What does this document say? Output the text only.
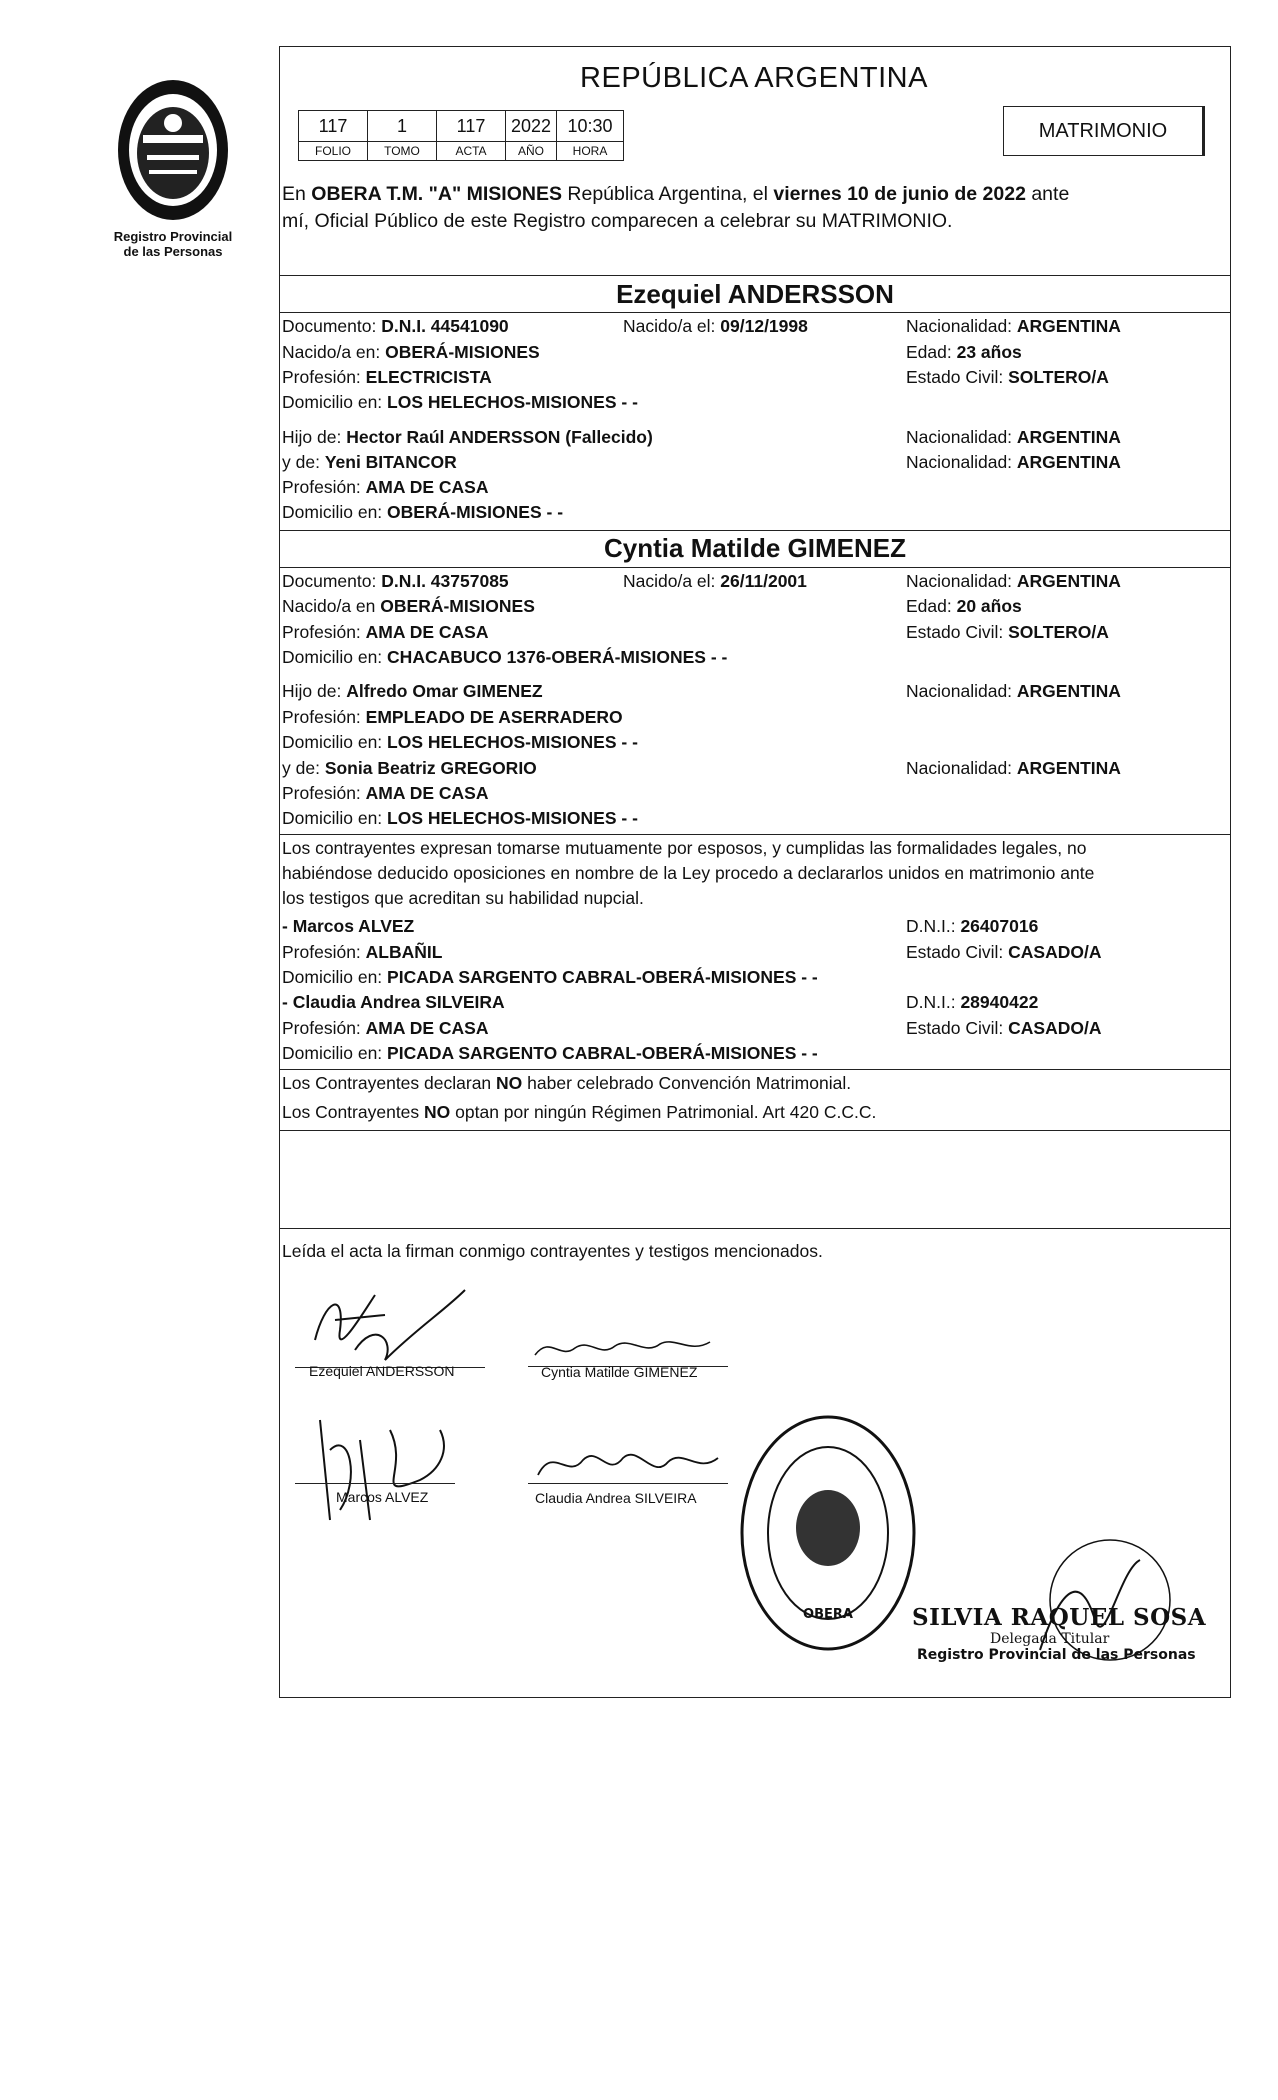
Registro Provincial
de las Personas
REPÚBLICA ARGENTINA
117	1	117	2022	10:30
FOLIO	TOMO	ACTA	AÑO	HORA
MATRIMONIO
En OBERA T.M. "A" MISIONES República Argentina, el viernes 10 de junio de 2022 ante
mí, Oficial Público de este Registro comparecen a celebrar su MATRIMONIO.
Ezequiel ANDERSSON
Documento: D.N.I. 44541090	Nacido/a el: 09/12/1998	Nacionalidad: ARGENTINA
Nacido/a en: OBERÁ-MISIONES	Edad: 23 años
Profesión: ELECTRICISTA	Estado Civil: SOLTERO/A
Domicilio en: LOS HELECHOS-MISIONES - -
Hijo de: Hector Raúl ANDERSSON (Fallecido)	Nacionalidad: ARGENTINA
y de: Yeni BITANCOR	Nacionalidad: ARGENTINA
Profesión: AMA DE CASA
Domicilio en: OBERÁ-MISIONES - -
Cyntia Matilde GIMENEZ
Documento: D.N.I. 43757085	Nacido/a el: 26/11/2001	Nacionalidad: ARGENTINA
Nacido/a en OBERÁ-MISIONES	Edad: 20 años
Profesión: AMA DE CASA	Estado Civil: SOLTERO/A
Domicilio en: CHACABUCO 1376-OBERÁ-MISIONES - -
Hijo de: Alfredo Omar GIMENEZ	Nacionalidad: ARGENTINA
Profesión: EMPLEADO DE ASERRADERO
Domicilio en: LOS HELECHOS-MISIONES - -
y de: Sonia Beatriz GREGORIO	Nacionalidad: ARGENTINA
Profesión: AMA DE CASA
Domicilio en: LOS HELECHOS-MISIONES - -
Los contrayentes expresan tomarse mutuamente por esposos, y cumplidas las formalidades legales, no
habiéndose deducido oposiciones en nombre de la Ley procedo a declararlos unidos en matrimonio ante
los testigos que acreditan su habilidad nupcial.
- Marcos ALVEZ	D.N.I.: 26407016
Profesión: ALBAÑIL	Estado Civil: CASADO/A
Domicilio en: PICADA SARGENTO CABRAL-OBERÁ-MISIONES - -
- Claudia Andrea SILVEIRA	D.N.I.: 28940422
Profesión: AMA DE CASA	Estado Civil: CASADO/A
Domicilio en: PICADA SARGENTO CABRAL-OBERÁ-MISIONES - -
Los Contrayentes declaran NO haber celebrado Convención Matrimonial.
Los Contrayentes NO optan por ningún Régimen Patrimonial. Art 420 C.C.C.
Leída el acta la firman conmigo contrayentes y testigos mencionados.
Ezequiel ANDERSSON	Cyntia Matilde GIMENEZ
Marcos ALVEZ	Claudia Andrea SILVEIRA
OBERA	SILVIA RAQUEL SOSA
Delegada Titular
Registro Provincial de las Personas
